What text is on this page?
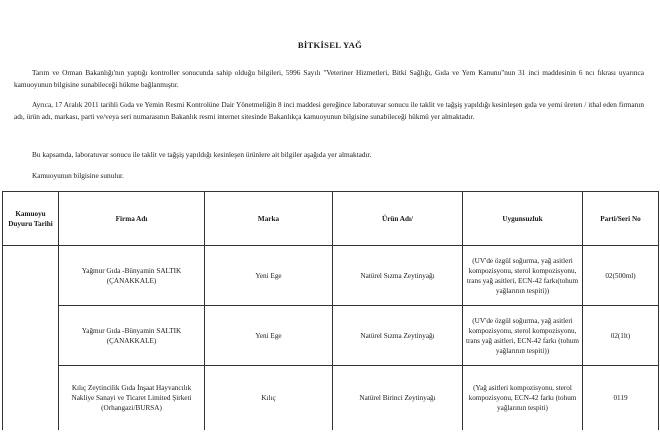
BİTKİSEL YAĞ
Tarım ve Orman Bakanlığı'nın yaptığı kontroller sonucunda sahip olduğu bilgileri, 5996 Sayılı "Veteriner Hizmetleri, Bitki Sağlığı, Gıda ve Yem Kanunu"nun 31 inci maddesinin 6 ncı fıkrası uyarınca kamuoyunun bilgisine sunabileceği hükme bağlanmıştır.
Ayrıca, 17 Aralık 2011 tarihli Gıda ve Yemin Resmi Kontrolüne Dair Yönetmeliğin 8 inci maddesi gereğince laboratuvar sonucu ile taklit ve tağşiş yapıldığı kesinleşen gıda ve yemi üreten / ithal eden firmanın adı, ürün adı, markası, parti ve/veya seri numarasının Bakanlık resmi internet sitesinde Bakanlıkça kamuoyunun bilgisine sunabileceği hükmü yer almaktadır.
Bu kapsamda, laboratuvar sonucu ile taklit ve tağşiş yapıldığı kesinleşen ürünlere ait bilgiler aşağıda yer almaktadır.
Kamuoyunun bilgisine sunulur.
Kamuoyu Duyuru Tarihi	Firma Adı	Marka	Ürün Adı/	Uygunsuzluk	Parti/Seri No
	Yağmur Gıda -Bünyamin SALTIK (ÇANAKKALE)	Yeni Ege	Natürel Sızma Zeytinyağı	(UV'de özgül soğurma, yağ asitleri kompozisyonu, sterol kompozisyonu, trans yağ asitleri, ECN-42 farkı(tohum yağlarının tespiti))	02(500ml)
	Yağmur Gıda -Bünyamin SALTIK (ÇANAKKALE)	Yeni Ege	Natürel Sızma Zeytinyağı	(UV'de özgül soğurma, yağ asitleri kompozisyonu, sterol kompozisyonu, trans yağ asitleri, ECN-42 farkı (tohum yağlarının tespiti))	02(1lt)
	Kılıç Zeytincilik Gıda İnşaat Hayvancılık Nakliye Sanayi ve Ticaret Limited Şirketi (Orhangazi/BURSA)	Kılıç	Natürel Birinci Zeytinyağı	(Yağ asitleri kompozisyonu, sterol kompozisyonu, ECN-42 farkı (tohum yağlarının tespiti)	0119
